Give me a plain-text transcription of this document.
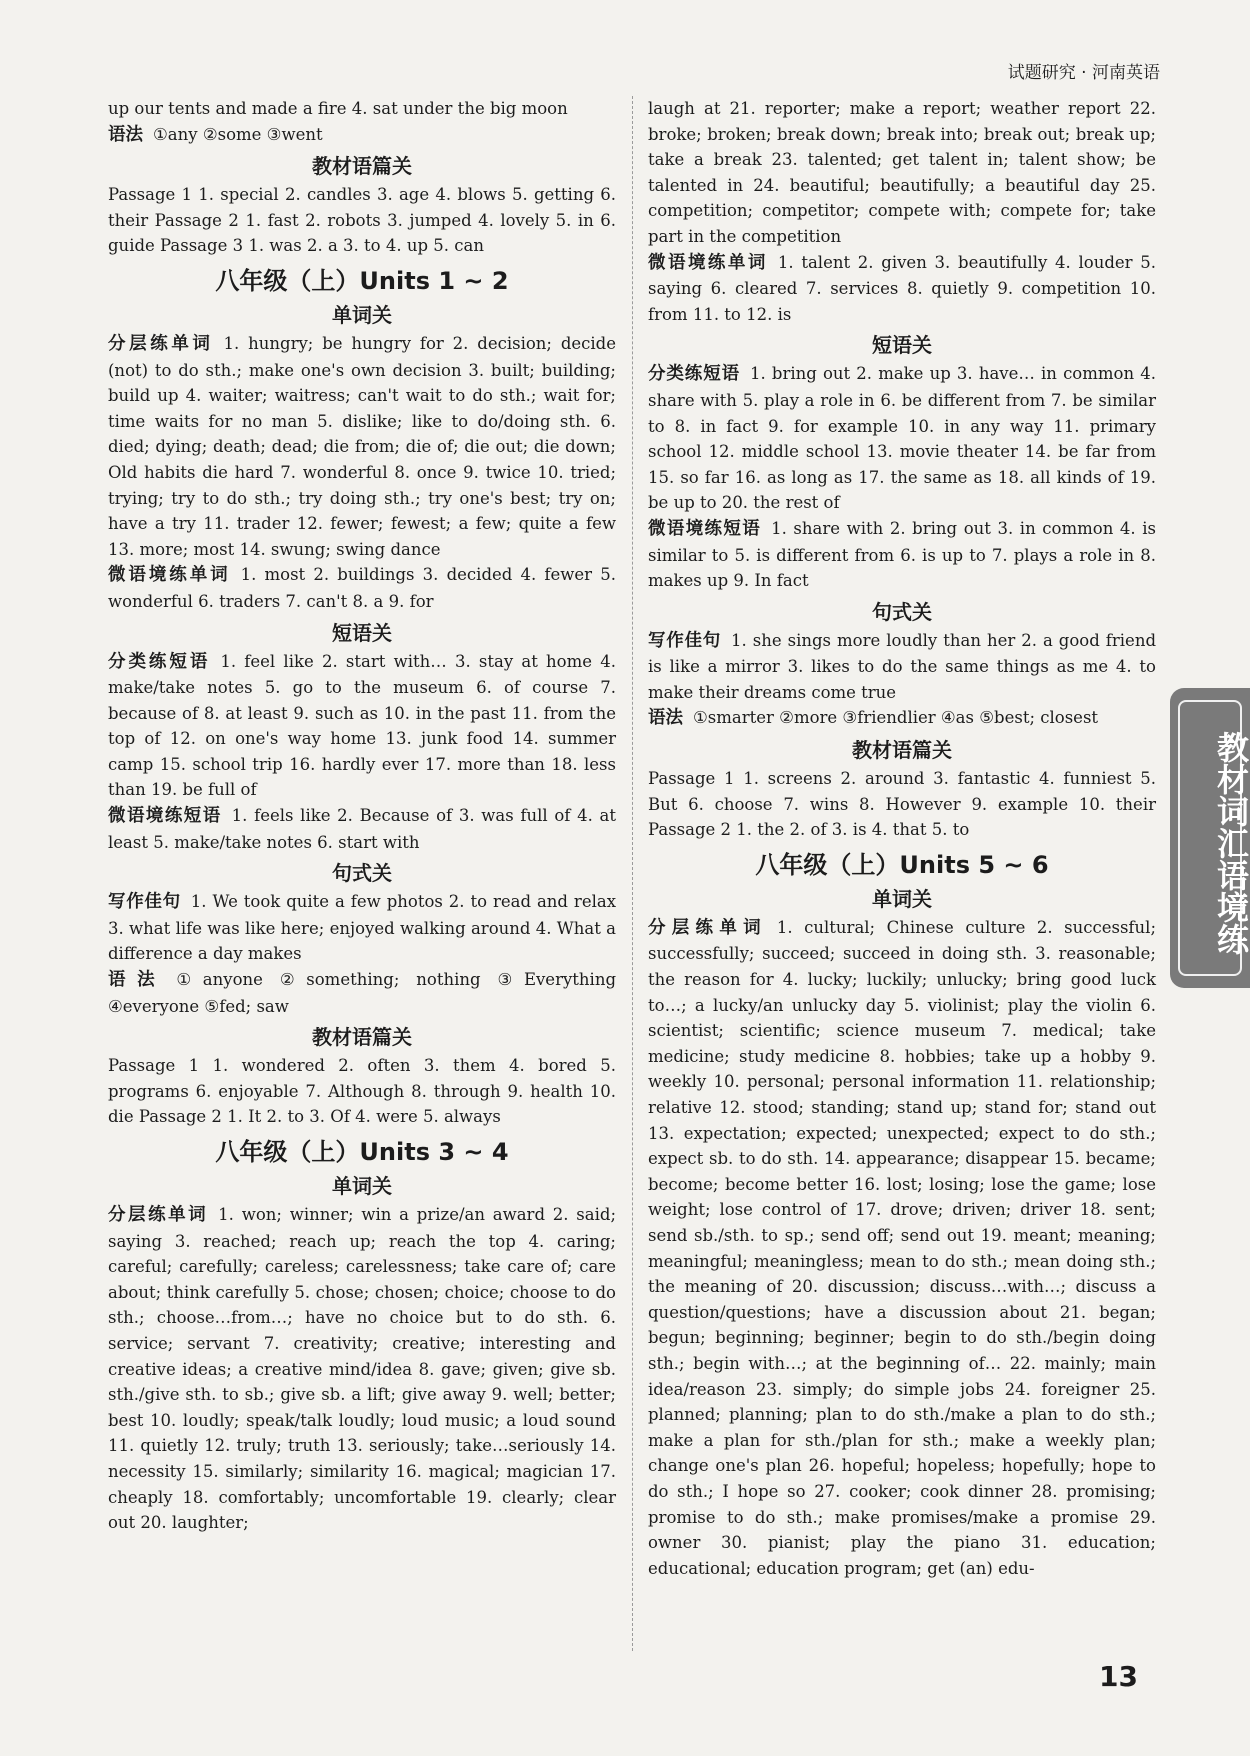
试题研究 · 河南英语

up our tents and made a fire 4. sat under the big moon

语法 ①any ②some ③went

教材语篇关

Passage 1 1. special 2. candles 3. age 4. blows 5. getting 6. their Passage 2 1. fast 2. robots 3. jumped 4. lovely 5. in 6. guide Passage 3 1. was 2. a 3. to 4. up 5. can

八年级（上）Units 1 ~ 2
单词关

分层练单词 1. hungry; be hungry for 2. decision; decide (not) to do sth.; make one's own decision 3. built; building; build up 4. waiter; waitress; can't wait to do sth.; wait for; time waits for no man 5. dislike; like to do/doing sth. 6. died; dying; death; dead; die from; die of; die out; die down; Old habits die hard 7. wonderful 8. once 9. twice 10. tried; trying; try to do sth.; try doing sth.; try one's best; try on; have a try 11. trader 12. fewer; fewest; a few; quite a few 13. more; most 14. swung; swing dance

微语境练单词 1. most 2. buildings 3. decided 4. fewer 5. wonderful 6. traders 7. can't 8. a 9. for

短语关

分类练短语 1. feel like 2. start with… 3. stay at home 4. make/take notes 5. go to the museum 6. of course 7. because of 8. at least 9. such as 10. in the past 11. from the top of 12. on one's way home 13. junk food 14. summer camp 15. school trip 16. hardly ever 17. more than 18. less than 19. be full of

微语境练短语 1. feels like 2. Because of 3. was full of 4. at least 5. make/take notes 6. start with

句式关

写作佳句 1. We took quite a few photos 2. to read and relax 3. what life was like here; enjoyed walking around 4. What a difference a day makes

语法 ①anyone ②something; nothing ③Everything ④everyone ⑤fed; saw

教材语篇关

Passage 1 1. wondered 2. often 3. them 4. bored 5. programs 6. enjoyable 7. Although 8. through 9. health 10. die Passage 2 1. It 2. to 3. Of 4. were 5. always

八年级（上）Units 3 ~ 4
单词关

分层练单词 1. won; winner; win a prize/an award 2. said; saying 3. reached; reach up; reach the top 4. caring; careful; carefully; careless; carelessness; take care of; care about; think carefully 5. chose; chosen; choice; choose to do sth.; choose…from…; have no choice but to do sth. 6. service; servant 7. creativity; creative; interesting and creative ideas; a creative mind/idea 8. gave; given; give sb. sth./give sth. to sb.; give sb. a lift; give away 9. well; better; best 10. loudly; speak/talk loudly; loud music; a loud sound 11. quietly 12. truly; truth 13. seriously; take…seriously 14. necessity 15. similarly; similarity 16. magical; magician 17. cheaply 18. comfortably; uncomfortable 19. clearly; clear out 20. laughter;

laugh at 21. reporter; make a report; weather report 22. broke; broken; break down; break into; break out; break up; take a break 23. talented; get talent in; talent show; be talented in 24. beautiful; beautifully; a beautiful day 25. competition; competitor; compete with; compete for; take part in the competition

微语境练单词 1. talent 2. given 3. beautifully 4. louder 5. saying 6. cleared 7. services 8. quietly 9. competition 10. from 11. to 12. is

短语关

分类练短语 1. bring out 2. make up 3. have… in common 4. share with 5. play a role in 6. be different from 7. be similar to 8. in fact 9. for example 10. in any way 11. primary school 12. middle school 13. movie theater 14. be far from 15. so far 16. as long as 17. the same as 18. all kinds of 19. be up to 20. the rest of

微语境练短语 1. share with 2. bring out 3. in common 4. is similar to 5. is different from 6. is up to 7. plays a role in 8. makes up 9. In fact

句式关

写作佳句 1. she sings more loudly than her 2. a good friend is like a mirror 3. likes to do the same things as me 4. to make their dreams come true

语法 ①smarter ②more ③friendlier ④as ⑤best; closest

教材语篇关

Passage 1 1. screens 2. around 3. fantastic 4. funniest 5. But 6. choose 7. wins 8. However 9. example 10. their Passage 2 1. the 2. of 3. is 4. that 5. to

八年级（上）Units 5 ~ 6
单词关

分层练单词 1. cultural; Chinese culture 2. successful; successfully; succeed; succeed in doing sth. 3. reasonable; the reason for 4. lucky; luckily; unlucky; bring good luck to…; a lucky/an unlucky day 5. violinist; play the violin 6. scientist; scientific; science museum 7. medical; take medicine; study medicine 8. hobbies; take up a hobby 9. weekly 10. personal; personal information 11. relationship; relative 12. stood; standing; stand up; stand for; stand out 13. expectation; expected; unexpected; expect to do sth.; expect sb. to do sth. 14. appearance; disappear 15. became; become; become better 16. lost; losing; lose the game; lose weight; lose control of 17. drove; driven; driver 18. sent; send sb./sth. to sp.; send off; send out 19. meant; meaning; meaningful; meaningless; mean to do sth.; mean doing sth.; the meaning of 20. discussion; discuss…with…; discuss a question/questions; have a discussion about 21. began; begun; beginning; beginner; begin to do sth./begin doing sth.; begin with…; at the beginning of… 22. mainly; main idea/reason 23. simply; do simple jobs 24. foreigner 25. planned; planning; plan to do sth./make a plan to do sth.; make a plan for sth./plan for sth.; make a weekly plan; change one's plan 26. hopeful; hopeless; hopefully; hope to do sth.; I hope so 27. cooker; cook dinner 28. promising; promise to do sth.; make promises/make a promise 29. owner 30. pianist; play the piano 31. education; educational; education program; get (an) edu-

教材词汇语境练
13
